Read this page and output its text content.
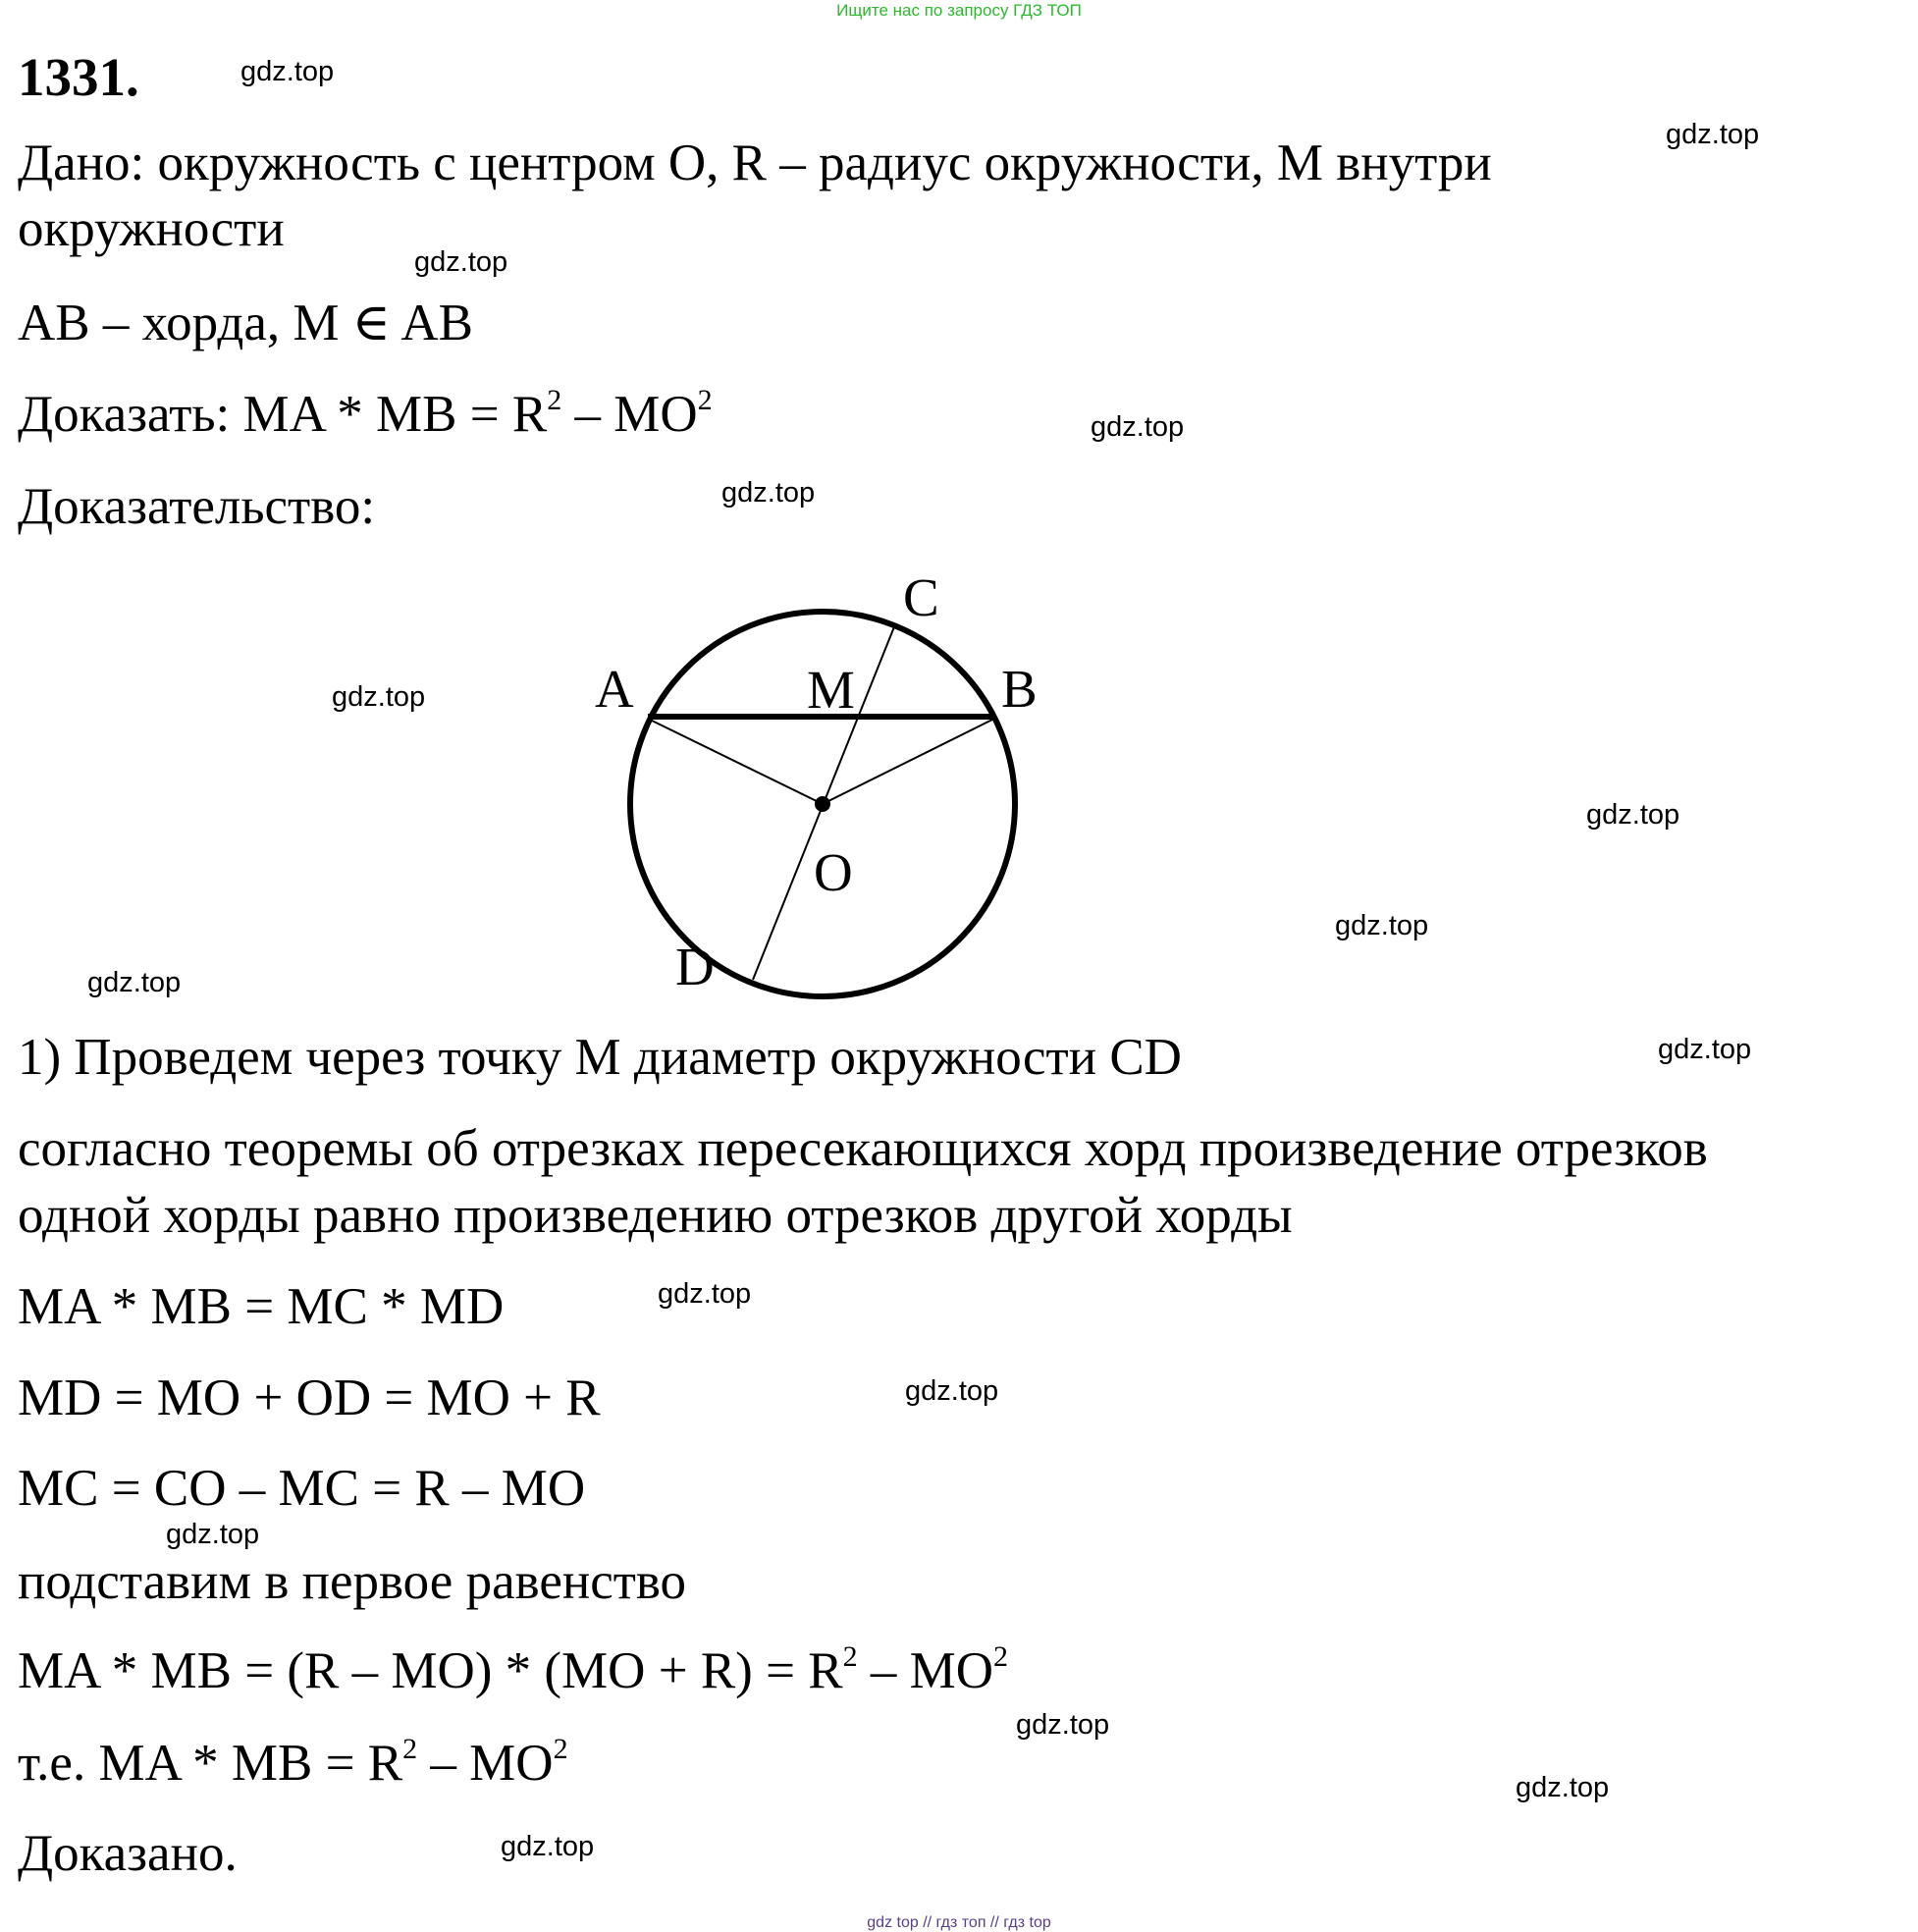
Ищите нас по запросу ГДЗ ТОП
1331.
Дано: окружность с центром O, R – радиус окружности, M внутри
окружности
AB – хорда, M ∈ AB
Доказать: MA * MB = $R^2 - MO^2$
Доказательство:
A	B
C
D
M
O
1) Проведем через точку M диаметр окружности CD
согласно теоремы об отрезках пересекающихся хорд произведение отрезков
одной хорды равно произведению отрезков другой хорды
MA * MB = MC * MD
MD = MO + OD = MO + R
MC = CO – MC = R – MO
подставим в первое равенство
MA * MB = $(R - MO) * (MO + R) = R^2 - MO^2$
т.е. MA * MB = $R^2 - MO^2$
Доказано.
gdz.top
gdz.top
gdz.top
gdz.top
gdz.top
gdz.top
gdz.top
gdz.top
gdz.top
gdz.top
gdz.top
gdz.top
gdz.top
gdz.top
gdz.top
gdz.top
gdz top // гдз топ // гдз top
